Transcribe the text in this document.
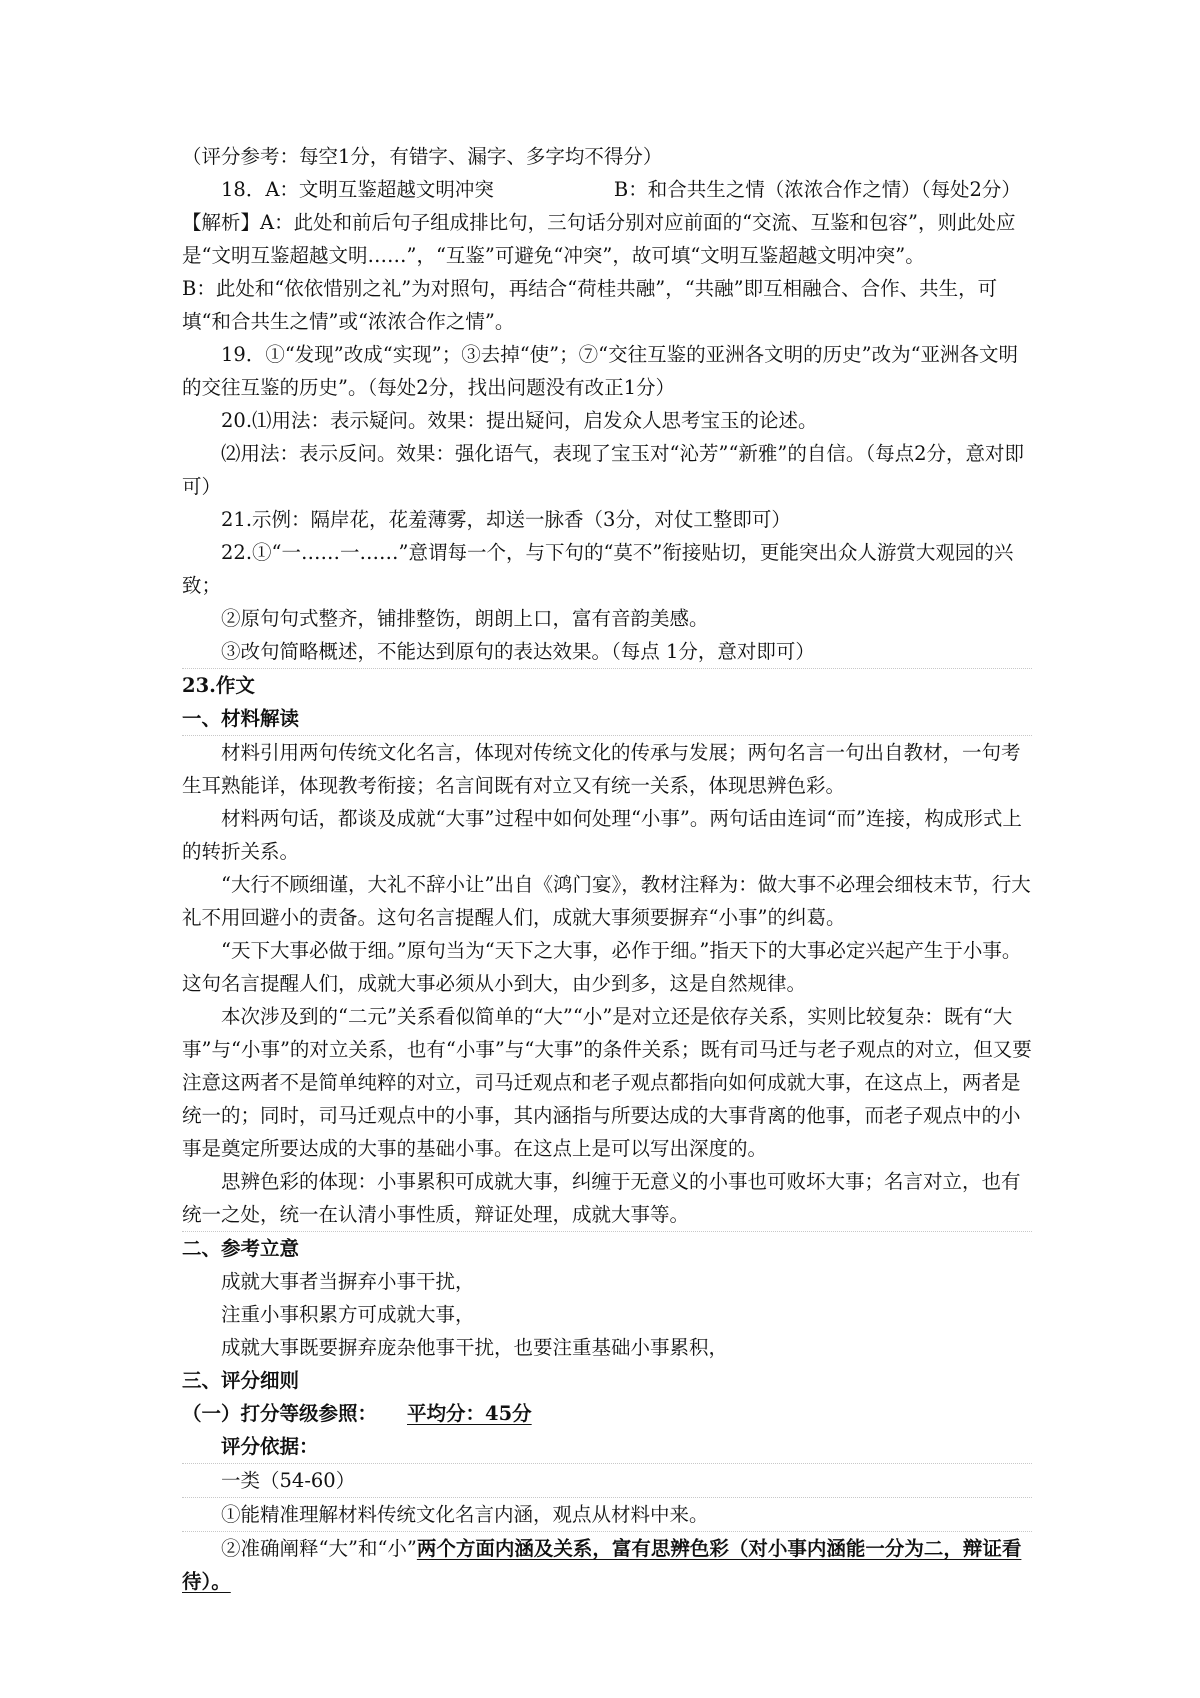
（评分参考：每空1分，有错字、漏字、多字均不得分）

18．A：文明互鉴超越文明冲突	B：和合共生之情（浓浓合作之情）（每处2分）

【解析】A：此处和前后句子组成排比句，三句话分别对应前面的“交流、互鉴和包容”，则此处应是“文明互鉴超越文明……”，“互鉴”可避免“冲突”，故可填“文明互鉴超越文明冲突”。

B：此处和“依依惜别之礼”为对照句，再结合“荷桂共融”，“共融”即互相融合、合作、共生，可填“和合共生之情”或“浓浓合作之情”。

19．①“发现”改成“实现”；③去掉“使”；⑦“交往互鉴的亚洲各文明的历史”改为“亚洲各文明的交往互鉴的历史”。（每处2分，找出问题没有改正1分）

20.⑴用法：表示疑问。效果：提出疑问，启发众人思考宝玉的论述。

⑵用法：表示反问。效果：强化语气，表现了宝玉对“沁芳”“新雅”的自信。（每点2分，意对即可）

21.示例：隔岸花，花羞薄雾，却送一脉香（3分，对仗工整即可）

22.①“一……一……”意谓每一个，与下句的“莫不”衔接贴切，更能突出众人游赏大观园的兴致；

②原句句式整齐，铺排整饬，朗朗上口，富有音韵美感。

③改句简略概述，不能达到原句的表达效果。（每点 1分，意对即可）

23.作文

一、材料解读

材料引用两句传统文化名言，体现对传统文化的传承与发展；两句名言一句出自教材，一句考生耳熟能详，体现教考衔接；名言间既有对立又有统一关系，体现思辨色彩。

材料两句话，都谈及成就“大事”过程中如何处理“小事”。两句话由连词“而”连接，构成形式上的转折关系。

“大行不顾细谨，大礼不辞小让”出自《鸿门宴》，教材注释为：做大事不必理会细枝末节，行大礼不用回避小的责备。这句名言提醒人们，成就大事须要摒弃“小事”的纠葛。

“天下大事必做于细。”原句当为“天下之大事，必作于细。”指天下的大事必定兴起产生于小事。这句名言提醒人们，成就大事必须从小到大，由少到多，这是自然规律。

本次涉及到的“二元”关系看似简单的“大”“小”是对立还是依存关系，实则比较复杂：既有“大事”与“小事”的对立关系，也有“小事”与“大事”的条件关系；既有司马迁与老子观点的对立，但又要注意这两者不是简单纯粹的对立，司马迁观点和老子观点都指向如何成就大事，在这点上，两者是统一的；同时，司马迁观点中的小事，其内涵指与所要达成的大事背离的他事，而老子观点中的小事是奠定所要达成的大事的基础小事。在这点上是可以写出深度的。

思辨色彩的体现：小事累积可成就大事，纠缠于无意义的小事也可败坏大事；名言对立，也有统一之处，统一在认清小事性质，辩证处理，成就大事等。

二、参考立意

成就大事者当摒弃小事干扰，

注重小事积累方可成就大事，

成就大事既要摒弃庞杂他事干扰，也要注重基础小事累积，

三、评分细则

（一）打分等级参照： 平均分：45分

评分依据：

一类（54-60）

①能精准理解材料传统文化名言内涵，观点从材料中来。

②准确阐释“大”和“小”两个方面内涵及关系，富有思辨色彩（对小事内涵能一分为二，辩证看待）。
